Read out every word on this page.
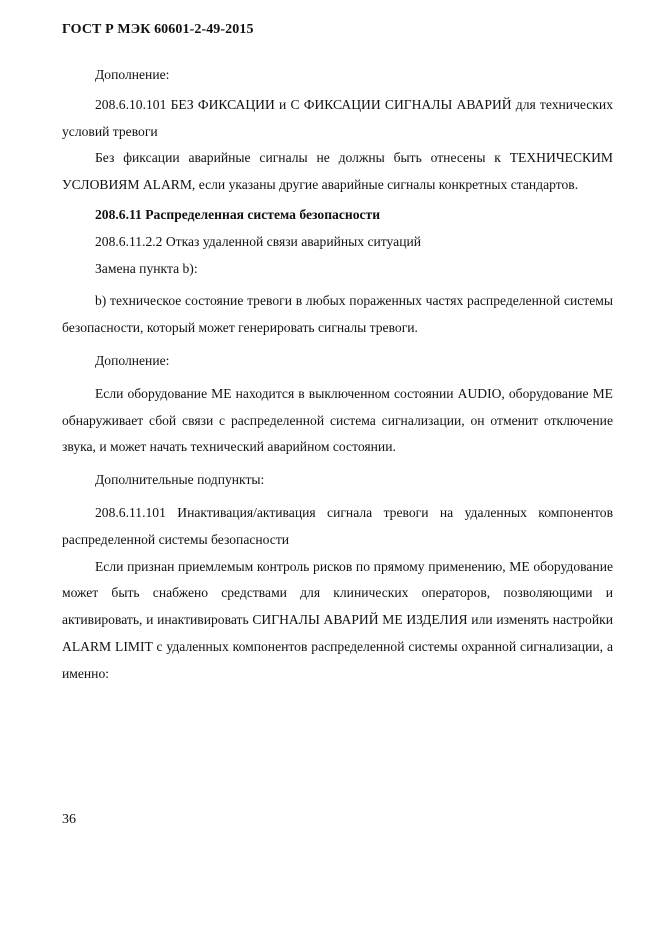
ГОСТ Р МЭК 60601-2-49-2015

Дополнение:

208.6.10.101 БЕЗ ФИКСАЦИИ и С ФИКСАЦИИ СИГНАЛЫ АВАРИЙ для технических условий тревоги

Без фиксации аварийные сигналы не должны быть отнесены к ТЕХНИЧЕСКИМ УСЛОВИЯМ ALARM, если указаны другие аварийные сигналы конкретных стандартов.

208.6.11 Распределенная система безопасности

208.6.11.2.2 Отказ удаленной связи аварийных ситуаций

Замена пункта b):

b) техническое состояние тревоги в любых пораженных частях распределенной системы безопасности, который может генерировать сигналы тревоги.

Дополнение:

Если оборудование МЕ находится в выключенном состоянии AUDIO, оборудование МЕ обнаруживает сбой связи с распределенной система сигнализации, он отменит отключение звука, и может начать технический аварийном состоянии.

Дополнительные подпункты:

208.6.11.101 Инактивация/активация сигнала тревоги на удаленных компонентов распределенной системы безопасности

Если признан приемлемым контроль рисков по прямому применению, МЕ оборудование может быть снабжено средствами для клинических операторов, позволяющими и активировать, и инактивировать СИГНАЛЫ АВАРИЙ МЕ ИЗДЕЛИЯ или изменять настройки ALARM LIMIT с удаленных компонентов распределенной системы охранной сигнализации, а именно:

36
